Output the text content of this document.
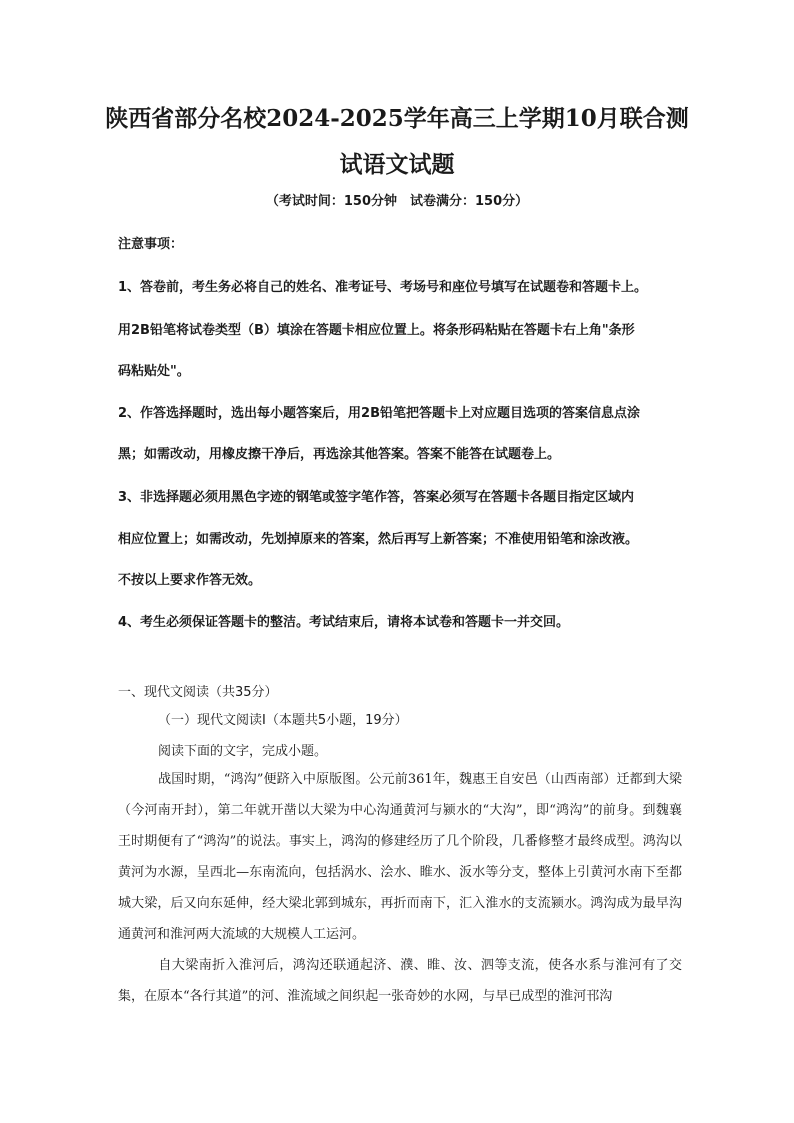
陕西省部分名校2024-2025学年高三上学期10月联合测试语文试题
（考试时间：150分钟　试卷满分：150分）
注意事项：
1、答卷前，考生务必将自己的姓名、准考证号、考场号和座位号填写在试题卷和答题卡上。
用2B铅笔将试卷类型（B）填涂在答题卡相应位置上。将条形码粘贴在答题卡右上角"条形
码粘贴处"。
2、作答选择题时，选出每小题答案后，用2B铅笔把答题卡上对应题目选项的答案信息点涂
黑；如需改动，用橡皮擦干净后，再选涂其他答案。答案不能答在试题卷上。
3、非选择题必须用黑色字迹的钢笔或签字笔作答，答案必须写在答题卡各题目指定区域内
相应位置上；如需改动，先划掉原来的答案，然后再写上新答案；不准使用铅笔和涂改液。
不按以上要求作答无效。
4、考生必须保证答题卡的整洁。考试结束后，请将本试卷和答题卡一并交回。
一、现代文阅读（共35分）
（一）现代文阅读Ⅰ（本题共5小题，19分）
阅读下面的文字，完成小题。
战国时期，“鸿沟”便跻入中原版图。公元前361年，魏惠王自安邑（山西南部）迁都到大梁（今河南开封），第二年就开凿以大梁为中心沟通黄河与颍水的“大沟”，即“鸿沟”的前身。到魏襄王时期便有了“鸿沟”的说法。事实上，鸿沟的修建经历了几个阶段，几番修整才最终成型。鸿沟以黄河为水源，呈西北—东南流向，包括涡水、浍水、睢水、汳水等分支，整体上引黄河水南下至都城大梁，后又向东延伸，经大梁北郭到城东，再折而南下，汇入淮水的支流颍水。鸿沟成为最早沟通黄河和淮河两大流域的大规模人工运河。
自大梁南折入淮河后，鸿沟还联通起济、濮、睢、汝、泗等支流，使各水系与淮河有了交集，在原本“各行其道”的河、淮流域之间织起一张奇妙的水网，与早已成型的淮河邗沟
